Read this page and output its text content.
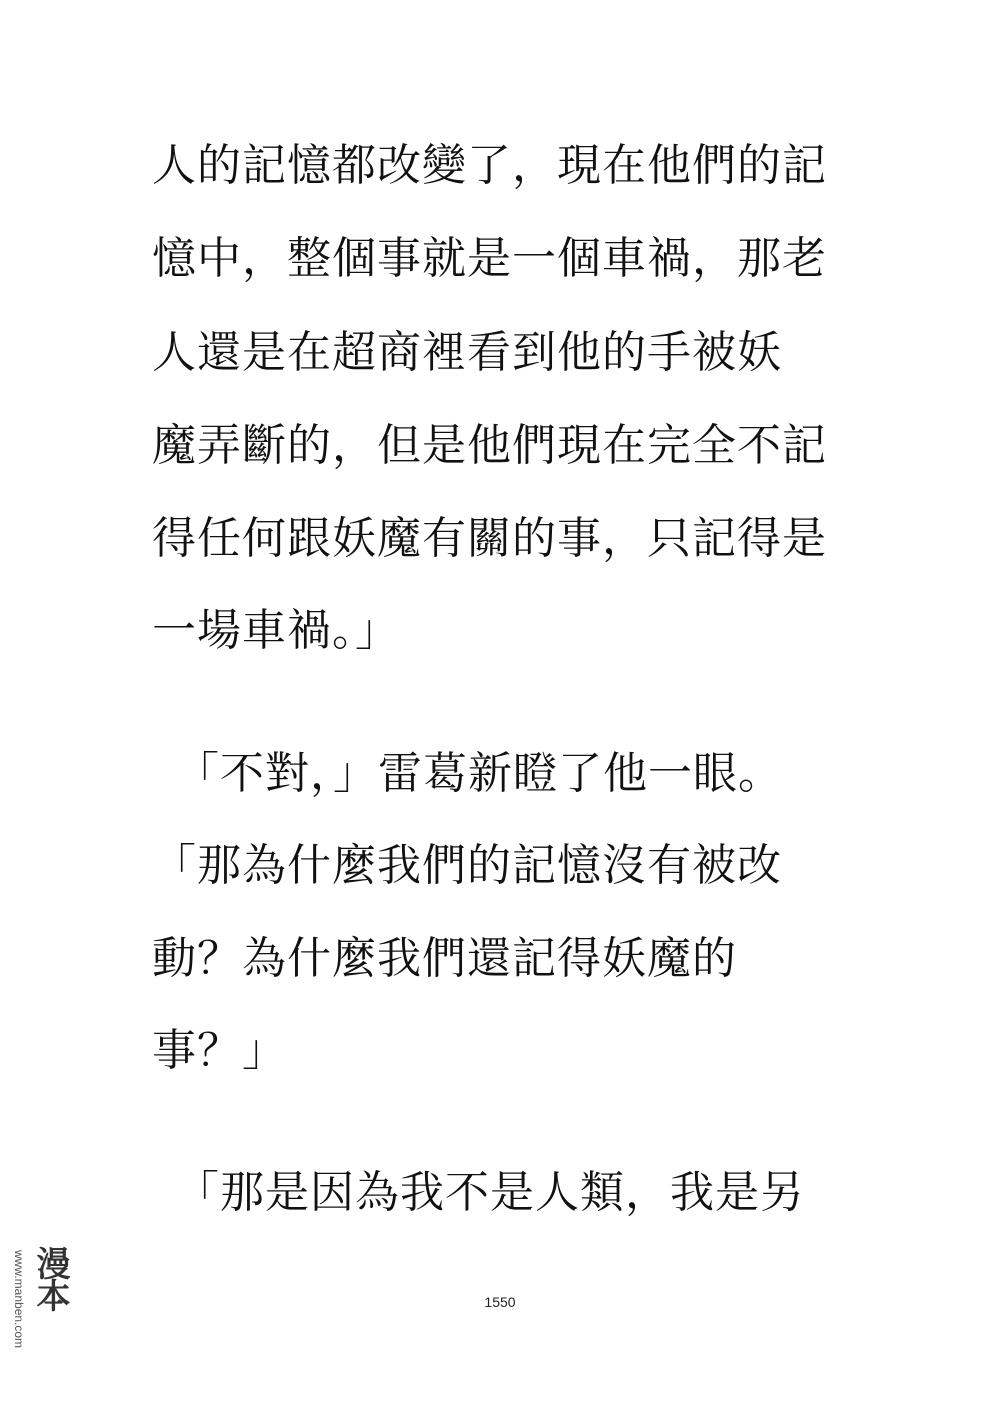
人的記憶都改變了，現在他們的記
憶中，整個事就是一個車禍，那老
人還是在超商裡看到他的手被妖
魔弄斷的，但是他們現在完全不記
得任何跟妖魔有關的事，只記得是
一場車禍。」
　「不對，」雷葛新瞪了他一眼。
「那為什麼我們的記憶沒有被改
動？為什麼我們還記得妖魔的
事？」
　「那是因為我不是人類，我是另
1550
www.manben.com 漫本
